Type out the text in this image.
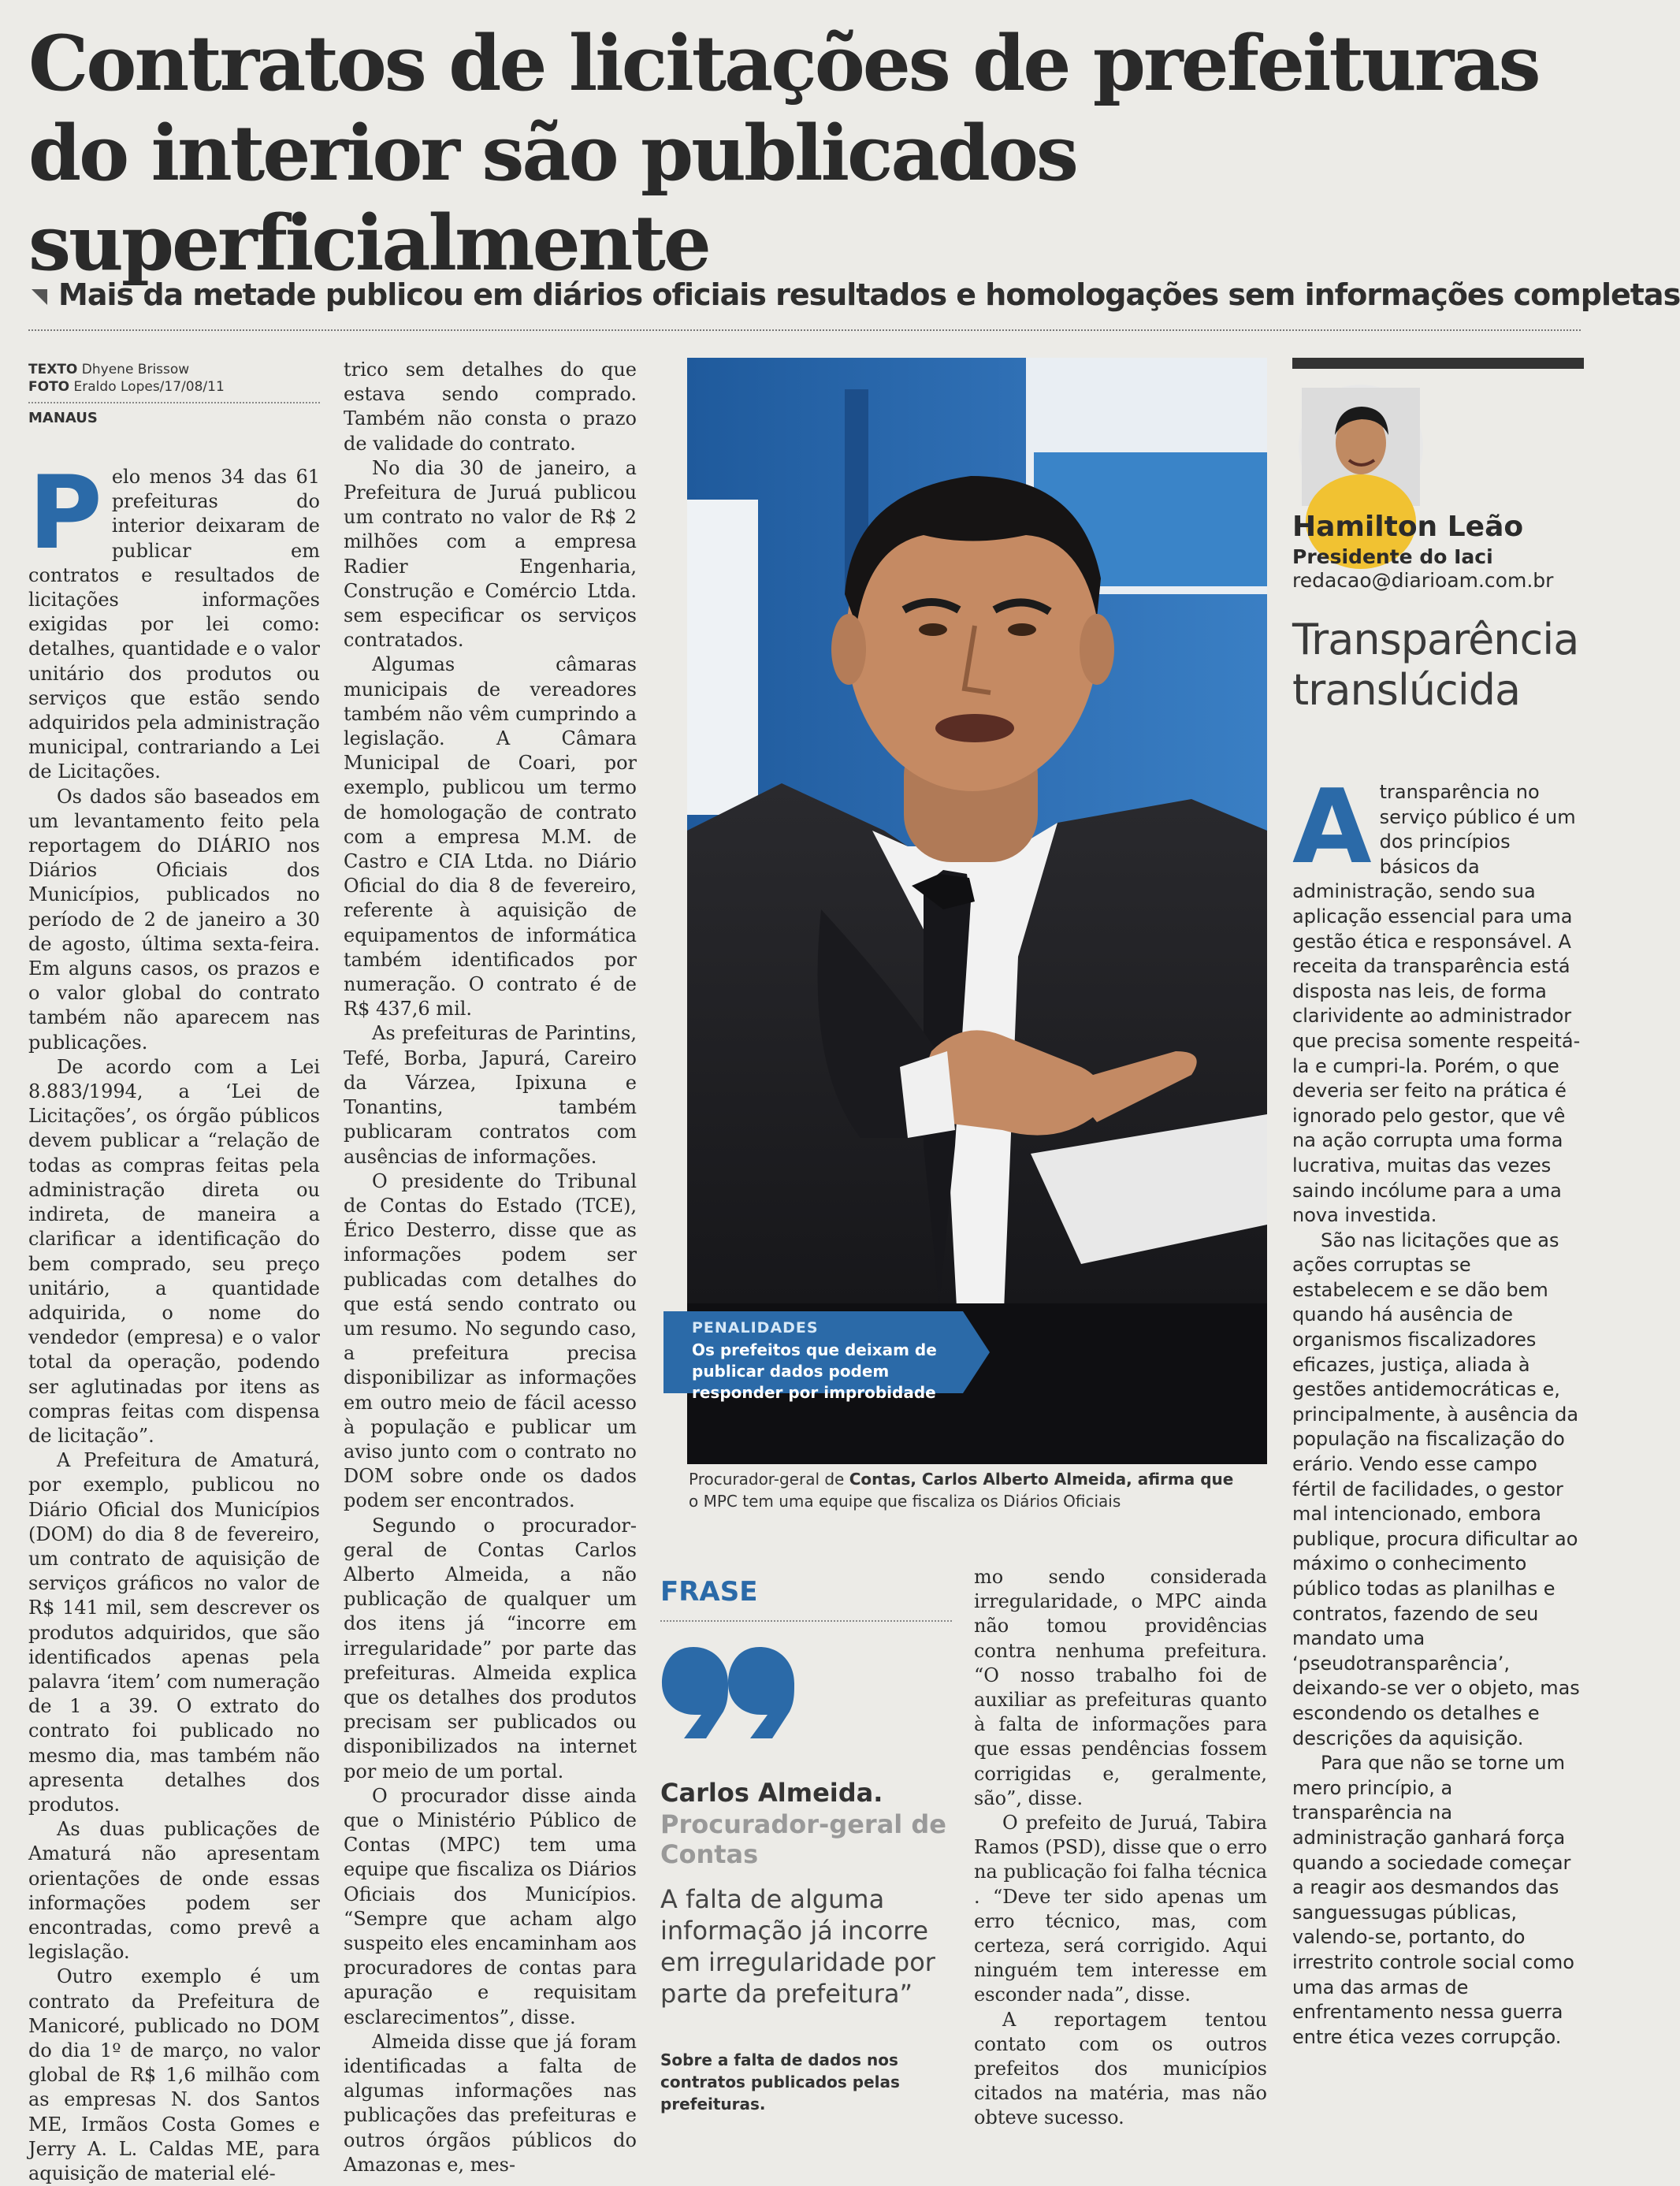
Contratos de licitações de prefeituras do interior são publicados superficialmente
Mais da metade publicou em diários oficiais resultados e homologações sem informações completas
TEXTO Dhyene Brissow
FOTO Eraldo Lopes/17/08/11
MANAUS
P elo menos 34 das 61 prefeituras do interior deixaram de publicar em contratos e resultados de licitações informações exigidas por lei como: detalhes, quantidade e o valor unitário dos produtos ou serviços que estão sendo adquiridos pela administração municipal, contrariando a Lei de Licitações.

Os dados são baseados em um levantamento feito pela reportagem do DIÁRIO nos Diários Oficiais dos Municípios, publicados no período de 2 de janeiro a 30 de agosto, última sexta-feira. Em alguns casos, os prazos e o valor global do contrato também não aparecem nas publicações.

De acordo com a Lei 8.883/1994, a ‘Lei de Licitações’, os órgão públicos devem publicar a “relação de todas as compras feitas pela administração direta ou indireta, de maneira a clarificar a identificação do bem comprado, seu preço unitário, a quantidade adquirida, o nome do vendedor (empresa) e o valor total da operação, podendo ser aglutinadas por itens as compras feitas com dispensa de licitação”.

A Prefeitura de Amaturá, por exemplo, publicou no Diário Oficial dos Municípios (DOM) do dia 8 de fevereiro, um contrato de aquisição de serviços gráficos no valor de R$ 141 mil, sem descrever os produtos adquiridos, que são identificados apenas pela palavra ‘item’ com numeração de 1 a 39. O extrato do contrato foi publicado no mesmo dia, mas também não apresenta detalhes dos produtos.

As duas publicações de Amaturá não apresentam orientações de onde essas informações podem ser encontradas, como prevê a legislação.

Outro exemplo é um contrato da Prefeitura de Manicoré, publicado no DOM do dia 1º de março, no valor global de R$ 1,6 milhão com as empresas N. dos Santos ME, Irmãos Costa Gomes e Jerry A. L. Caldas ME, para aquisição de material elé-

trico sem detalhes do que estava sendo comprado. Também não consta o prazo de validade do contrato.

No dia 30 de janeiro, a Prefeitura de Juruá publicou um contrato no valor de R$ 2 milhões com a empresa Radier Engenharia, Construção e Comércio Ltda. sem especificar os serviços contratados.

Algumas câmaras municipais de vereadores também não vêm cumprindo a legislação. A Câmara Municipal de Coari, por exemplo, publicou um termo de homologação de contrato com a empresa M.M. de Castro e CIA Ltda. no Diário Oficial do dia 8 de fevereiro, referente à aquisição de equipamentos de informática também identificados por numeração. O contrato é de R$ 437,6 mil.

As prefeituras de Parintins, Tefé, Borba, Japurá, Careiro da Várzea, Ipixuna e Tonantins, também publicaram contratos com ausências de informações.

O presidente do Tribunal de Contas do Estado (TCE), Érico Desterro, disse que as informações podem ser publicadas com detalhes do que está sendo contrato ou um resumo. No segundo caso, a prefeitura precisa disponibilizar as informações em outro meio de fácil acesso à população e publicar um aviso junto com o contrato no DOM sobre onde os dados podem ser encontrados.

Segundo o procurador-geral de Contas Carlos Alberto Almeida, a não publicação de qualquer um dos itens já “incorre em irregularidade” por parte das prefeituras. Almeida explica que os detalhes dos produtos precisam ser publicados ou disponibilizados na internet por meio de um portal.

O procurador disse ainda que o Ministério Público de Contas (MPC) tem uma equipe que fiscaliza os Diários Oficiais dos Municípios. “Sempre que acham algo suspeito eles encaminham aos procuradores de contas para apuração e requisitam esclarecimentos”, disse.

Almeida disse que já foram identificadas a falta de algumas informações nas publicações das prefeituras e outros órgãos públicos do Amazonas e, mes-

PENALIDADES
Os prefeitos que deixam de publicar dados podem responder por improbidade
Procurador-geral de Contas, Carlos Alberto Almeida, afirma que
o MPC tem uma equipe que fiscaliza os Diários Oficiais
FRASE
Carlos Almeida.
Procurador-geral de Contas
A falta de alguma informação já incorre em irregularidade por parte da prefeitura”
Sobre a falta de dados nos contratos publicados pelas prefeituras.

mo sendo considerada irregularidade, o MPC ainda não tomou providências contra nenhuma prefeitura. “O nosso trabalho foi de auxiliar as prefeituras quanto à falta de informações para que essas pendências fossem corrigidas e, geralmente, são”, disse.

O prefeito de Juruá, Tabira Ramos (PSD), disse que o erro na publicação foi falha técnica . “Deve ter sido apenas um erro técnico, mas, com certeza, será corrigido. Aqui ninguém tem interesse em esconder nada”, disse.

A reportagem tentou contato com os outros prefeitos dos municípios citados na matéria, mas não obteve sucesso.

Hamilton Leão
Presidente do Iaci
redacao@diarioam.com.br
Transparência translúcida
A transparência no serviço público é um dos princípios básicos da administração, sendo sua aplicação essencial para uma gestão ética e responsável. A receita da transparência está disposta nas leis, de forma clarividente ao administrador que precisa somente respeitá-la e cumpri-la. Porém, o que deveria ser feito na prática é ignorado pelo gestor, que vê na ação corrupta uma forma lucrativa, muitas das vezes saindo incólume para a uma nova investida.

São nas licitações que as ações corruptas se estabelecem e se dão bem quando há ausência de organismos fiscalizadores eficazes, justiça, aliada à gestões antidemocráticas e, principalmente, à ausência da população na fiscalização do erário. Vendo esse campo fértil de facilidades, o gestor mal intencionado, embora publique, procura dificultar ao máximo o conhecimento público todas as planilhas e contratos, fazendo de seu mandato uma ‘pseudotransparência’, deixando-se ver o objeto, mas escondendo os detalhes e descrições da aquisição.

Para que não se torne um mero princípio, a transparência na administração ganhará força quando a sociedade começar a reagir aos desmandos das sanguessugas públicas, valendo-se, portanto, do irrestrito controle social como uma das armas de enfrentamento nessa guerra entre ética vezes corrupção.
